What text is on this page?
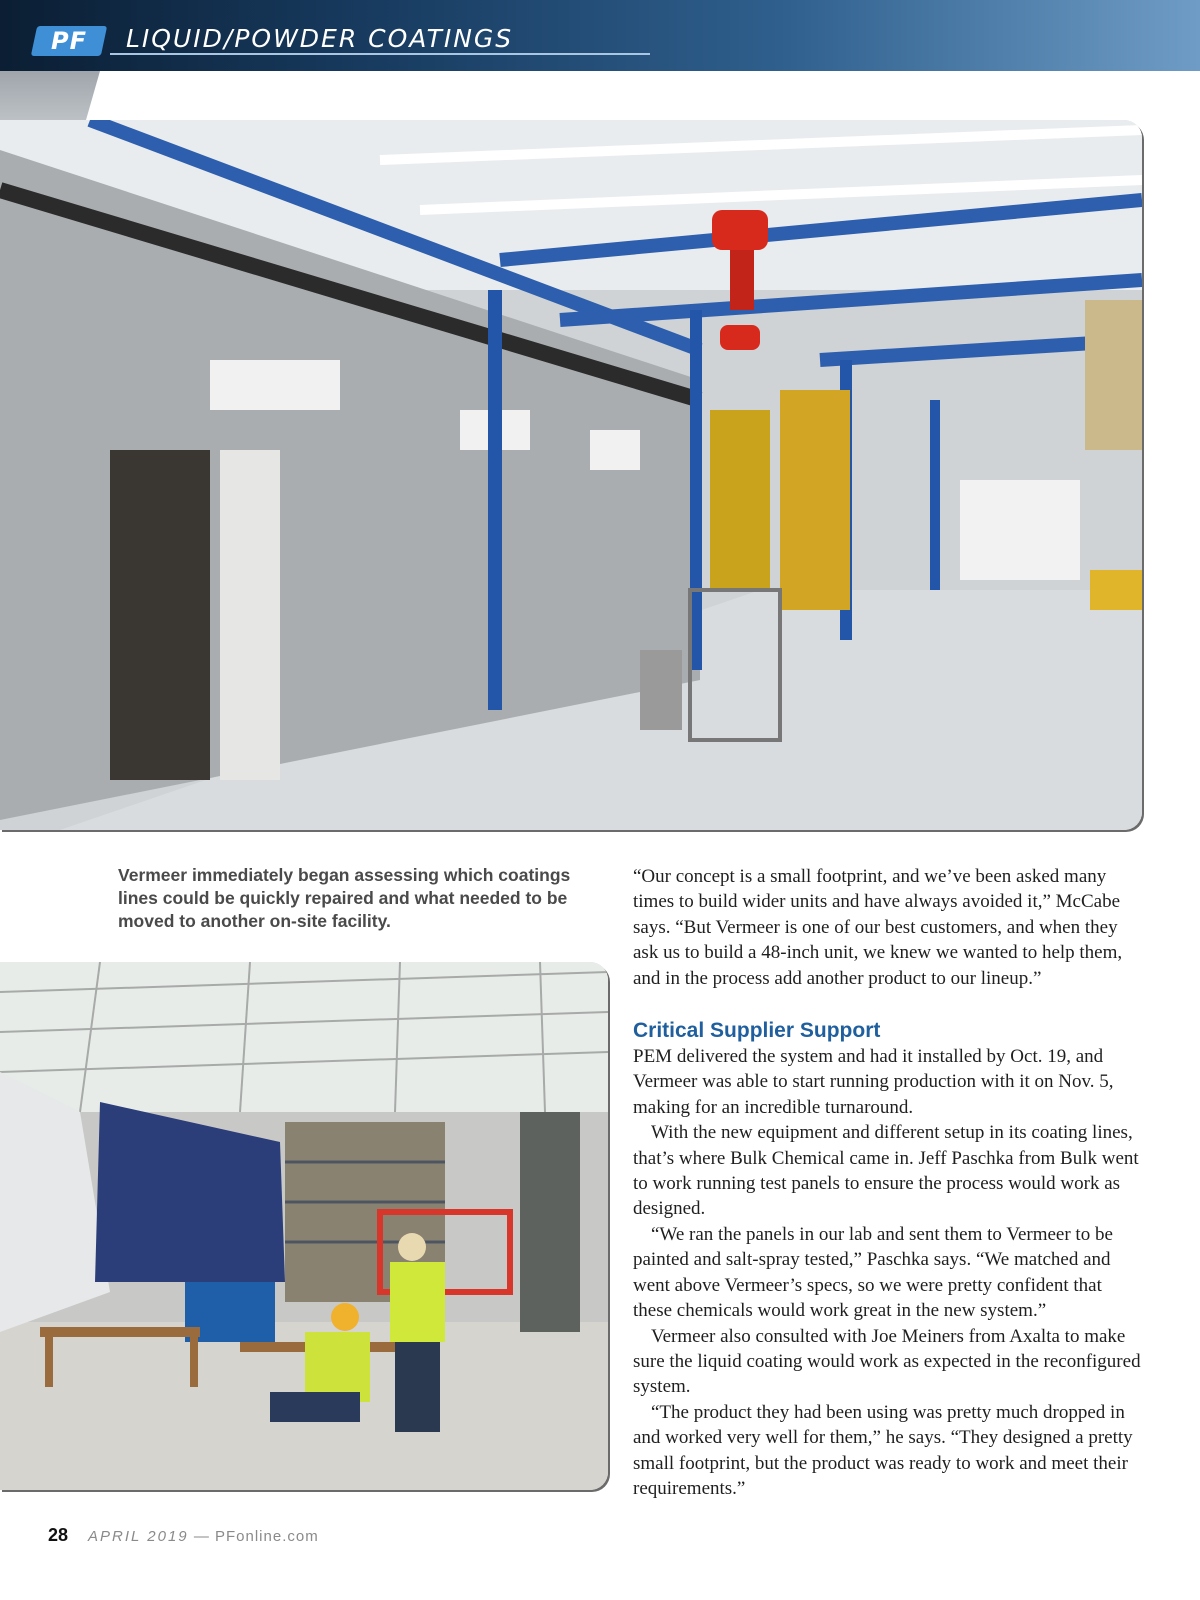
PF LIQUID/POWDER COATINGS
Vermeer immediately began assessing which coatings lines could be quickly repaired and what needed to be moved to another on-site facility.

“Our concept is a small footprint, and we’ve been asked many times to build wider units and have always avoided it,” McCabe says. “But Vermeer is one of our best customers, and when they ask us to build a 48-inch unit, we knew we wanted to help them, and in the process add another product to our lineup.”

Critical Supplier Support

PEM delivered the system and had it installed by Oct. 19, and Vermeer was able to start running production with it on Nov. 5, making for an incredible turnaround.

With the new equipment and different setup in its coating lines, that’s where Bulk Chemical came in. Jeff Paschka from Bulk went to work running test panels to ensure the process would work as designed.

“We ran the panels in our lab and sent them to Vermeer to be painted and salt-spray tested,” Paschka says. “We matched and went above Vermeer’s specs, so we were pretty confident that these chemicals would work great in the new system.”

Vermeer also consulted with Joe Meiners from Axalta to make sure the liquid coating would work as expected in the reconfigured system.

“The product they had been using was pretty much dropped in and worked very well for them,” he says. “They designed a pretty small footprint, but the product was ready to work and meet their requirements.”

28 APRIL 2019 — PFonline.com
